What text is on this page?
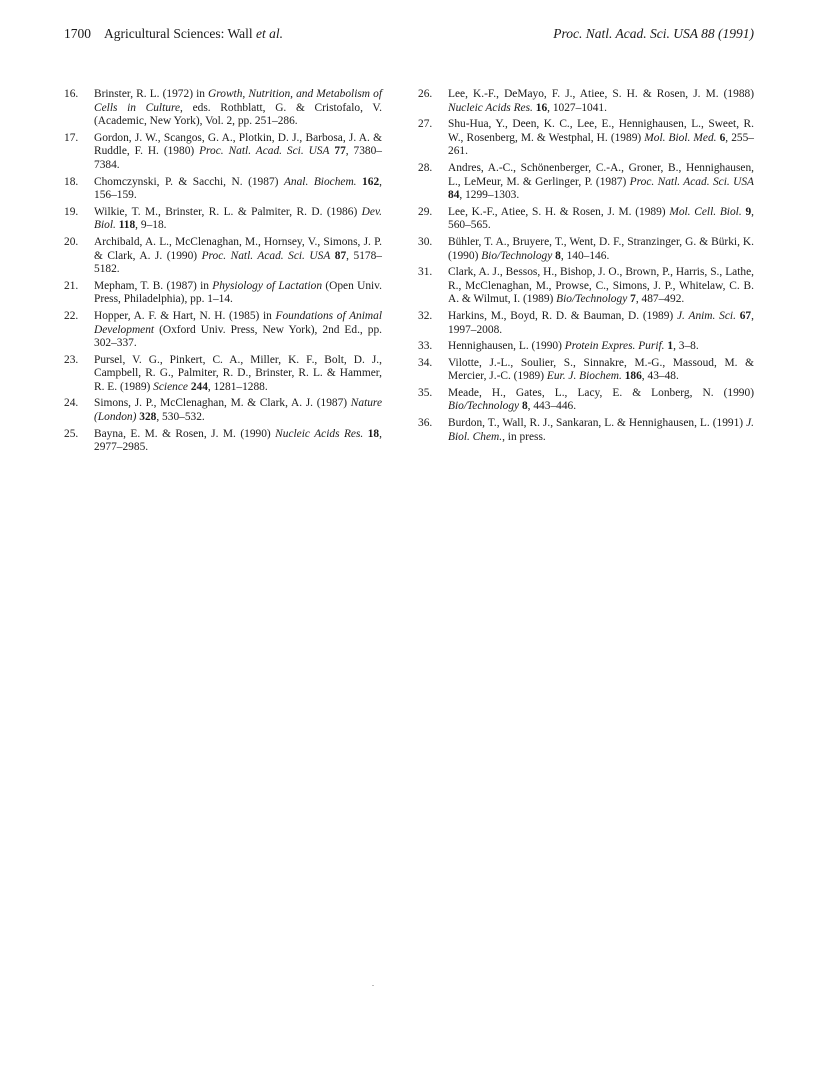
1700 Agricultural Sciences: Wall et al.	Proc. Natl. Acad. Sci. USA 88 (1991)
16.	Brinster, R. L. (1972) in Growth, Nutrition, and Metabolism of Cells in Culture, eds. Rothblatt, G. & Cristofalo, V. (Academic, New York), Vol. 2, pp. 251–286.
17.	Gordon, J. W., Scangos, G. A., Plotkin, D. J., Barbosa, J. A. & Ruddle, F. H. (1980) Proc. Natl. Acad. Sci. USA 77, 7380–7384.
18.	Chomczynski, P. & Sacchi, N. (1987) Anal. Biochem. 162, 156–159.
19.	Wilkie, T. M., Brinster, R. L. & Palmiter, R. D. (1986) Dev. Biol. 118, 9–18.
20.	Archibald, A. L., McClenaghan, M., Hornsey, V., Simons, J. P. & Clark, A. J. (1990) Proc. Natl. Acad. Sci. USA 87, 5178–5182.
21.	Mepham, T. B. (1987) in Physiology of Lactation (Open Univ. Press, Philadelphia), pp. 1–14.
22.	Hopper, A. F. & Hart, N. H. (1985) in Foundations of Animal Development (Oxford Univ. Press, New York), 2nd Ed., pp. 302–337.
23.	Pursel, V. G., Pinkert, C. A., Miller, K. F., Bolt, D. J., Campbell, R. G., Palmiter, R. D., Brinster, R. L. & Hammer, R. E. (1989) Science 244, 1281–1288.
24.	Simons, J. P., McClenaghan, M. & Clark, A. J. (1987) Nature (London) 328, 530–532.
25.	Bayna, E. M. & Rosen, J. M. (1990) Nucleic Acids Res. 18, 2977–2985.
26.	Lee, K.-F., DeMayo, F. J., Atiee, S. H. & Rosen, J. M. (1988) Nucleic Acids Res. 16, 1027–1041.
27.	Shu-Hua, Y., Deen, K. C., Lee, E., Hennighausen, L., Sweet, R. W., Rosenberg, M. & Westphal, H. (1989) Mol. Biol. Med. 6, 255–261.
28.	Andres, A.-C., Schönenberger, C.-A., Groner, B., Hennighausen, L., LeMeur, M. & Gerlinger, P. (1987) Proc. Natl. Acad. Sci. USA 84, 1299–1303.
29.	Lee, K.-F., Atiee, S. H. & Rosen, J. M. (1989) Mol. Cell. Biol. 9, 560–565.
30.	Bühler, T. A., Bruyere, T., Went, D. F., Stranzinger, G. & Bürki, K. (1990) Bio/Technology 8, 140–146.
31.	Clark, A. J., Bessos, H., Bishop, J. O., Brown, P., Harris, S., Lathe, R., McClenaghan, M., Prowse, C., Simons, J. P., Whitelaw, C. B. A. & Wilmut, I. (1989) Bio/Technology 7, 487–492.
32.	Harkins, M., Boyd, R. D. & Bauman, D. (1989) J. Anim. Sci. 67, 1997–2008.
33.	Hennighausen, L. (1990) Protein Expres. Purif. 1, 3–8.
34.	Vilotte, J.-L., Soulier, S., Sinnakre, M.-G., Massoud, M. & Mercier, J.-C. (1989) Eur. J. Biochem. 186, 43–48.
35.	Meade, H., Gates, L., Lacy, E. & Lonberg, N. (1990) Bio/Technology 8, 443–446.
36.	Burdon, T., Wall, R. J., Sankaran, L. & Hennighausen, L. (1991) J. Biol. Chem., in press.
